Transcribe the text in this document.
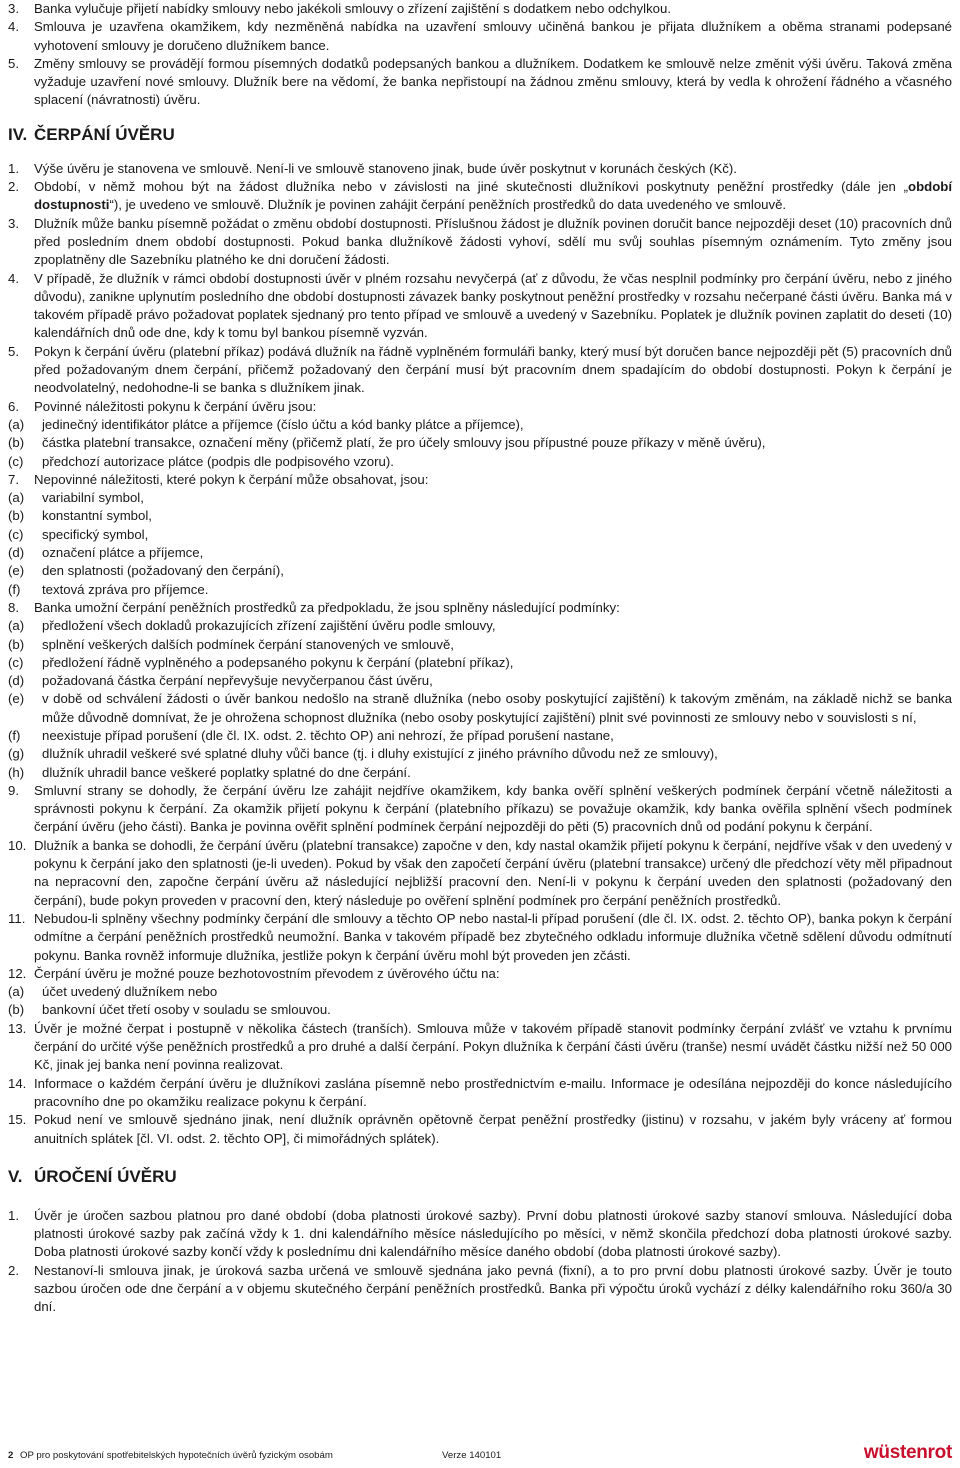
3. Banka vylučuje přijetí nabídky smlouvy nebo jakékoli smlouvy o zřízení zajištění s dodatkem nebo odchylkou.
4. Smlouva je uzavřena okamžikem, kdy nezměněná nabídka na uzavření smlouvy učiněná bankou je přijata dlužníkem a oběma stranami podepsané vyhotovení smlouvy je doručeno dlužníkem bance.
5. Změny smlouvy se provádějí formou písemných dodatků podepsaných bankou a dlužníkem. Dodatkem ke smlouvě nelze změnit výši úvěru. Taková změna vyžaduje uzavření nové smlouvy. Dlužník bere na vědomí, že banka nepřistoupí na žádnou změnu smlouvy, která by vedla k ohrožení řádného a včasného splacení (návratnosti) úvěru.
IV. ČERPÁNÍ ÚVĚRU
1. Výše úvěru je stanovena ve smlouvě. Není-li ve smlouvě stanoveno jinak, bude úvěr poskytnut v korunách českých (Kč).
2. Období, v němž mohou být na žádost dlužníka nebo v závislosti na jiné skutečnosti dlužníkovi poskytnuty peněžní prostředky (dále jen „období dostupnosti“), je uvedeno ve smlouvě. Dlužník je povinen zahájit čerpání peněžních prostředků do data uvedeného ve smlouvě.
3. Dlužník může banku písemně požádat o změnu období dostupnosti. Příslušnou žádost je dlužník povinen doručit bance nejpozději deset (10) pracovních dnů před posledním dnem období dostupnosti. Pokud banka dlužníkově žádosti vyhoví, sdělí mu svůj souhlas písemným oznámením. Tyto změny jsou zpoplatněny dle Sazebníku platného ke dni doručení žádosti.
4. V případě, že dlužník v rámci období dostupnosti úvěr v plném rozsahu nevyčerpá (ať z důvodu, že včas nesplnil podmínky pro čerpání úvěru, nebo z jiného důvodu), zanikne uplynutím posledního dne období dostupnosti závazek banky poskytnout peněžní prostředky v rozsahu nečerpané části úvěru. Banka má v takovém případě právo požadovat poplatek sjednaný pro tento případ ve smlouvě a uvedený v Sazebníku. Poplatek je dlužník povinen zaplatit do deseti (10) kalendářních dnů ode dne, kdy k tomu byl bankou písemně vyzván.
5. Pokyn k čerpání úvěru (platební příkaz) podává dlužník na řádně vyplněném formuláři banky, který musí být doručen bance nejpozději pět (5) pracovních dnů před požadovaným dnem čerpání, přičemž požadovaný den čerpání musí být pracovním dnem spadajícím do období dostupnosti. Pokyn k čerpání je neodvolatelný, nedohodne-li se banka s dlužníkem jinak.
6. Povinné náležitosti pokynu k čerpání úvěru jsou:
(a) jedinečný identifikátor plátce a příjemce (číslo účtu a kód banky plátce a příjemce),
(b) částka platební transakce, označení měny (přičemž platí, že pro účely smlouvy jsou přípustné pouze příkazy v měně úvěru),
(c) předchozí autorizace plátce (podpis dle podpisového vzoru).
7. Nepovinné náležitosti, které pokyn k čerpání může obsahovat, jsou:
(a) variabilní symbol,
(b) konstantní symbol,
(c) specifický symbol,
(d) označení plátce a příjemce,
(e) den splatnosti (požadovaný den čerpání),
(f) textová zpráva pro příjemce.
8. Banka umožní čerpání peněžních prostředků za předpokladu, že jsou splněny následující podmínky:
(a) předložení všech dokladů prokazujících zřízení zajištění úvěru podle smlouvy,
(b) splnění veškerých dalších podmínek čerpání stanovených ve smlouvě,
(c) předložení řádně vyplněného a podepsaného pokynu k čerpání (platební příkaz),
(d) požadovaná částka čerpání nepřevyšuje nevyčerpanou část úvěru,
(e) v době od schválení žádosti o úvěr bankou nedošlo na straně dlužníka (nebo osoby poskytující zajištění) k takovým změnám, na základě nichž se banka může důvodně domnívat, že je ohrožena schopnost dlužníka (nebo osoby poskytující zajištění) plnit své povinnosti ze smlouvy nebo v souvislosti s ní,
(f) neexistuje případ porušení (dle čl. IX. odst. 2. těchto OP) ani nehrozí, že případ porušení nastane,
(g) dlužník uhradil veškeré své splatné dluhy vůči bance (tj. i dluhy existující z jiného právního důvodu než ze smlouvy),
(h) dlužník uhradil bance veškeré poplatky splatné do dne čerpání.
9. Smluvní strany se dohodly, že čerpání úvěru lze zahájit nejdříve okamžikem, kdy banka ověří splnění veškerých podmínek čerpání včetně náležitosti a správnosti pokynu k čerpání. Za okamžik přijetí pokynu k čerpání (platebního příkazu) se považuje okamžik, kdy banka ověřila splnění všech podmínek čerpání úvěru (jeho části). Banka je povinna ověřit splnění podmínek čerpání nejpozději do pěti (5) pracovních dnů od podání pokynu k čerpání.
10. Dlužník a banka se dohodli, že čerpání úvěru (platební transakce) započne v den, kdy nastal okamžik přijetí pokynu k čerpání, nejdříve však v den uvedený v pokynu k čerpání jako den splatnosti (je-li uveden). Pokud by však den započetí čerpání úvěru (platební transakce) určený dle předchozí věty měl připadnout na nepracovní den, započne čerpání úvěru až následující nejbližší pracovní den. Není-li v pokynu k čerpání uveden den splatnosti (požadovaný den čerpání), bude pokyn proveden v pracovní den, který následuje po ověření splnění podmínek pro čerpání peněžních prostředků.
11. Nebudou-li splněny všechny podmínky čerpání dle smlouvy a těchto OP nebo nastal-li případ porušení (dle čl. IX. odst. 2. těchto OP), banka pokyn k čerpání odmítne a čerpání peněžních prostředků neumožní. Banka v takovém případě bez zbytečného odkladu informuje dlužníka včetně sdělení důvodu odmítnutí pokynu. Banka rovněž informuje dlužníka, jestliže pokyn k čerpání úvěru mohl být proveden jen zčásti.
12. Čerpání úvěru je možné pouze bezhotovostním převodem z úvěrového účtu na:
(a) účet uvedený dlužníkem nebo
(b) bankovní účet třetí osoby v souladu se smlouvou.
13. Úvěr je možné čerpat i postupně v několika částech (tranších). Smlouva může v takovém případě stanovit podmínky čerpání zvlášť ve vztahu k prvnímu čerpání do určité výše peněžních prostředků a pro druhé a další čerpání. Pokyn dlužníka k čerpání části úvěru (tranše) nesmí uvádět částku nižší než 50 000 Kč, jinak jej banka není povinna realizovat.
14. Informace o každém čerpání úvěru je dlužníkovi zaslána písemně nebo prostřednictvím e-mailu. Informace je odesílána nejpozději do konce následujícího pracovního dne po okamžiku realizace pokynu k čerpání.
15. Pokud není ve smlouvě sjednáno jinak, není dlužník oprávněn opětovně čerpat peněžní prostředky (jistinu) v rozsahu, v jakém byly vráceny ať formou anuitních splátek [čl. VI. odst. 2. těchto OP], či mimořádných splátek).
V. ÚROČENÍ ÚVĚRU
1. Úvěr je úročen sazbou platnou pro dané období (doba platnosti úrokové sazby). První dobu platnosti úrokové sazby stanoví smlouva. Následující doba platnosti úrokové sazby pak začíná vždy k 1. dni kalendářního měsíce následujícího po měsíci, v němž skončila předchozí doba platnosti úrokové sazby. Doba platnosti úrokové sazby končí vždy k poslednímu dni kalendářního měsíce daného období (doba platnosti úrokové sazby).
2. Nestanoví-li smlouva jinak, je úroková sazba určená ve smlouvě sjednána jako pevná (fixní), a to pro první dobu platnosti úrokové sazby. Úvěr je touto sazbou úročen ode dne čerpání a v objemu skutečného čerpání peněžních prostředků. Banka při výpočtu úroků vychází z délky kalendářního roku 360/a 30 dní.
2 OP pro poskytování spotřebitelských hypotečních úvěrů fyzickým osobám	Verze 140101	wüstenrot
